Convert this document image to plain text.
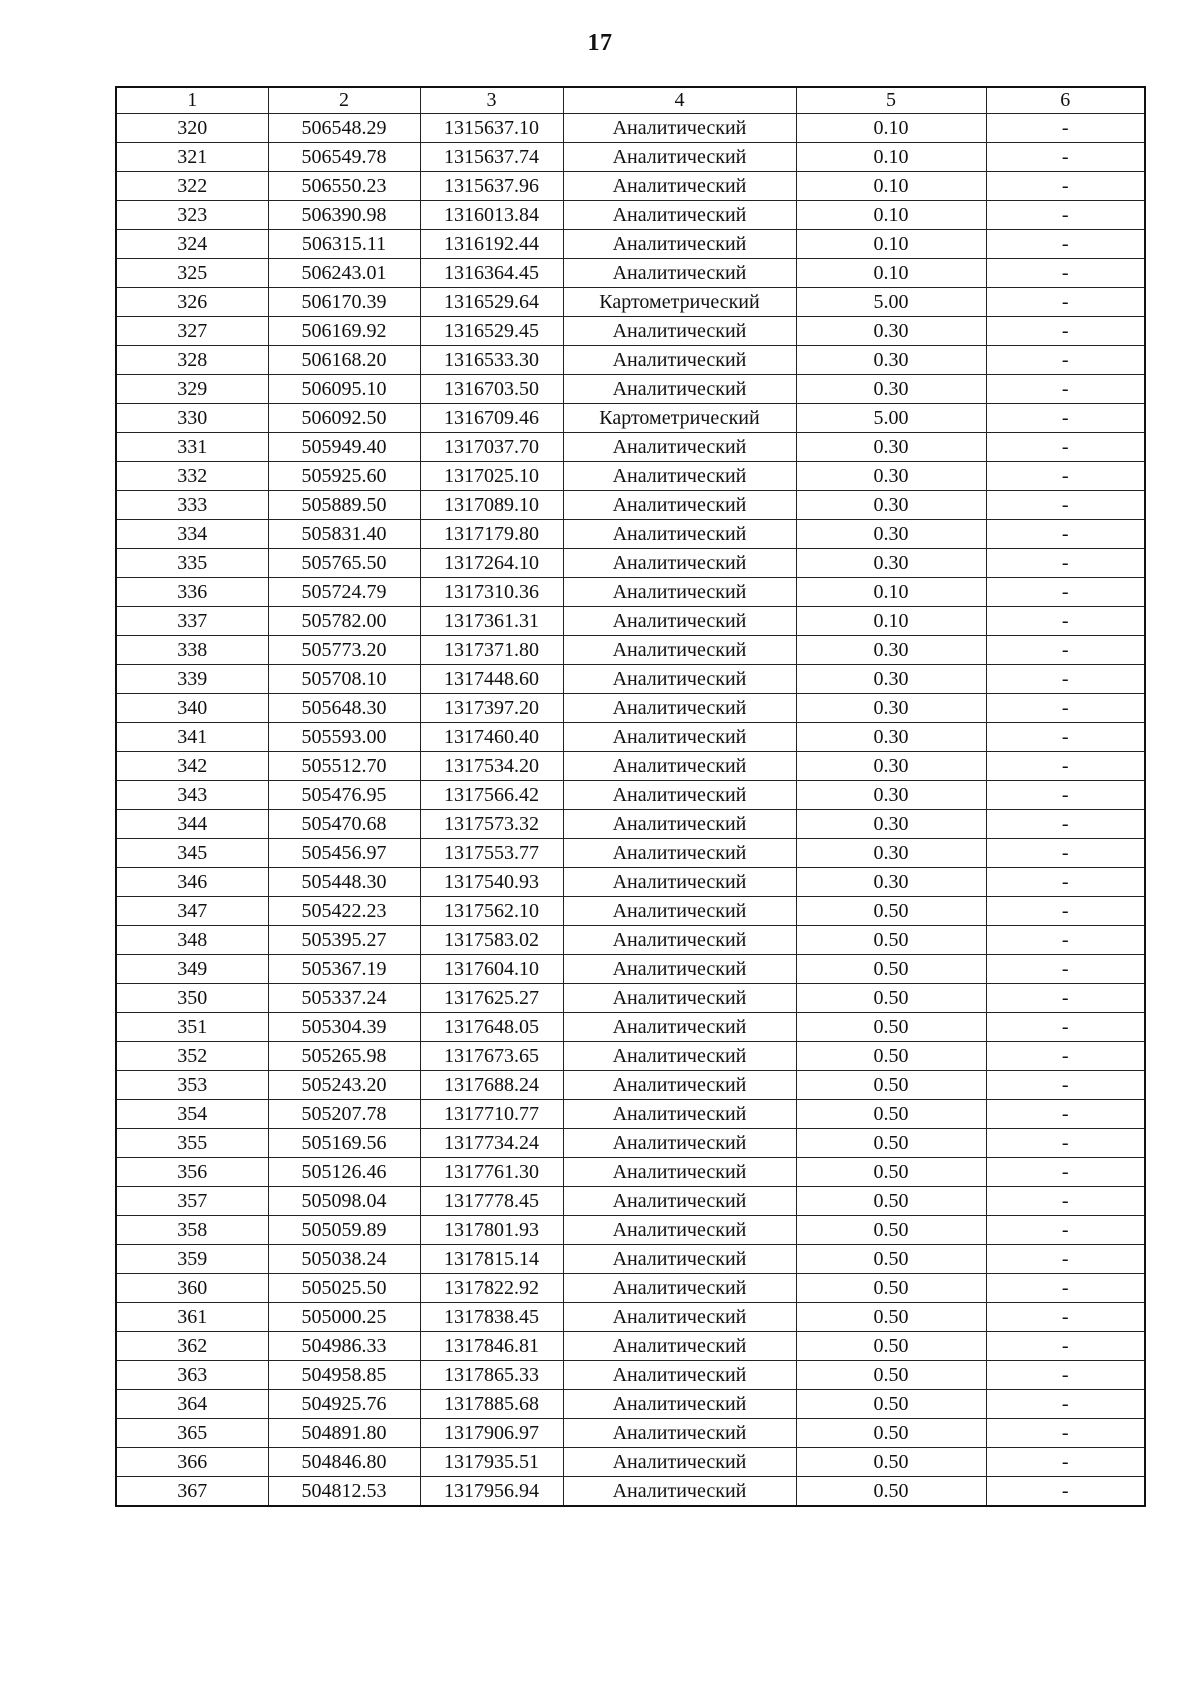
17
1	2	3	4	5	6
320	506548.29	1315637.10	Аналитический	0.10	-
321	506549.78	1315637.74	Аналитический	0.10	-
322	506550.23	1315637.96	Аналитический	0.10	-
323	506390.98	1316013.84	Аналитический	0.10	-
324	506315.11	1316192.44	Аналитический	0.10	-
325	506243.01	1316364.45	Аналитический	0.10	-
326	506170.39	1316529.64	Картометрический	5.00	-
327	506169.92	1316529.45	Аналитический	0.30	-
328	506168.20	1316533.30	Аналитический	0.30	-
329	506095.10	1316703.50	Аналитический	0.30	-
330	506092.50	1316709.46	Картометрический	5.00	-
331	505949.40	1317037.70	Аналитический	0.30	-
332	505925.60	1317025.10	Аналитический	0.30	-
333	505889.50	1317089.10	Аналитический	0.30	-
334	505831.40	1317179.80	Аналитический	0.30	-
335	505765.50	1317264.10	Аналитический	0.30	-
336	505724.79	1317310.36	Аналитический	0.10	-
337	505782.00	1317361.31	Аналитический	0.10	-
338	505773.20	1317371.80	Аналитический	0.30	-
339	505708.10	1317448.60	Аналитический	0.30	-
340	505648.30	1317397.20	Аналитический	0.30	-
341	505593.00	1317460.40	Аналитический	0.30	-
342	505512.70	1317534.20	Аналитический	0.30	-
343	505476.95	1317566.42	Аналитический	0.30	-
344	505470.68	1317573.32	Аналитический	0.30	-
345	505456.97	1317553.77	Аналитический	0.30	-
346	505448.30	1317540.93	Аналитический	0.30	-
347	505422.23	1317562.10	Аналитический	0.50	-
348	505395.27	1317583.02	Аналитический	0.50	-
349	505367.19	1317604.10	Аналитический	0.50	-
350	505337.24	1317625.27	Аналитический	0.50	-
351	505304.39	1317648.05	Аналитический	0.50	-
352	505265.98	1317673.65	Аналитический	0.50	-
353	505243.20	1317688.24	Аналитический	0.50	-
354	505207.78	1317710.77	Аналитический	0.50	-
355	505169.56	1317734.24	Аналитический	0.50	-
356	505126.46	1317761.30	Аналитический	0.50	-
357	505098.04	1317778.45	Аналитический	0.50	-
358	505059.89	1317801.93	Аналитический	0.50	-
359	505038.24	1317815.14	Аналитический	0.50	-
360	505025.50	1317822.92	Аналитический	0.50	-
361	505000.25	1317838.45	Аналитический	0.50	-
362	504986.33	1317846.81	Аналитический	0.50	-
363	504958.85	1317865.33	Аналитический	0.50	-
364	504925.76	1317885.68	Аналитический	0.50	-
365	504891.80	1317906.97	Аналитический	0.50	-
366	504846.80	1317935.51	Аналитический	0.50	-
367	504812.53	1317956.94	Аналитический	0.50	-
